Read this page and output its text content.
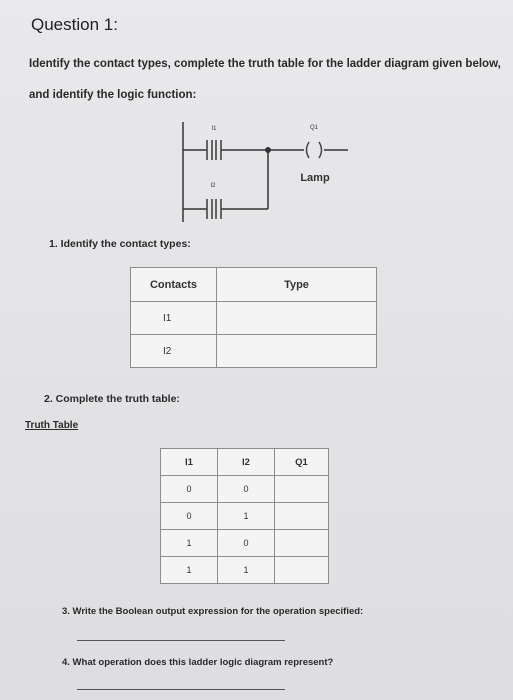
Question 1:
Identify the contact types, complete the truth table for the ladder diagram given below,
and identify the logic function:
I1
I2
Q1
Lamp
1. Identify the contact types:
Contacts	Type
I1	
I2	
2. Complete the truth table:
Truth Table
I1	I2	Q1
0	0	
0	1	
1	0	
1	1	
3. Write the Boolean output expression for the operation specified:
4. What operation does this ladder logic diagram represent?
